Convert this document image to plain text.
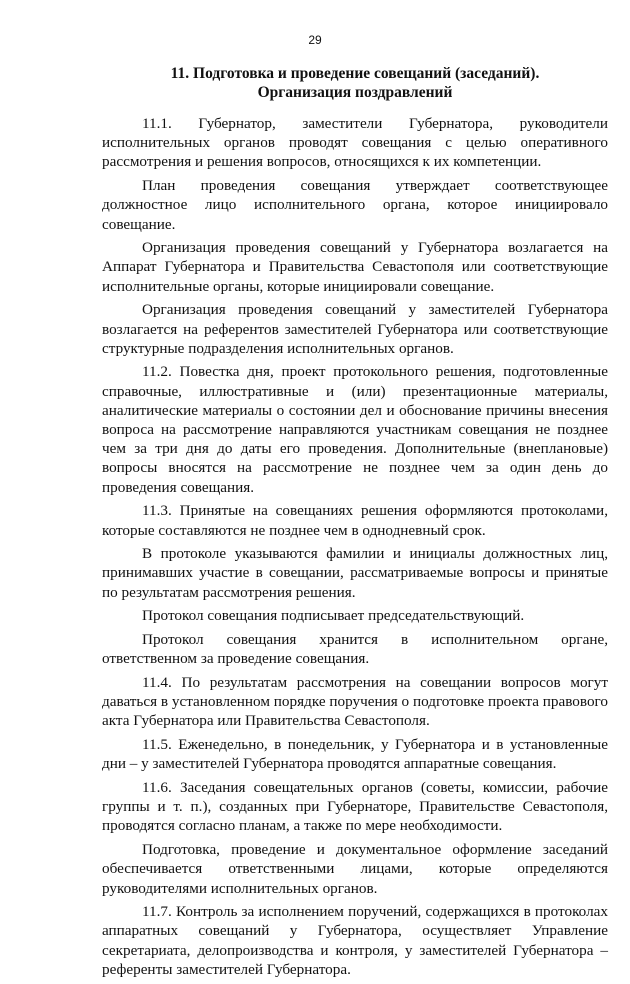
29
11. Подготовка и проведение совещаний (заседаний).
Организация поздравлений

11.1. Губернатор, заместители Губернатора, руководители исполнительных органов проводят совещания с целью оперативного рассмотрения и решения вопросов, относящихся к их компетенции.

План проведения совещания утверждает соответствующее должностное лицо исполнительного органа, которое инициировало совещание.

Организация проведения совещаний у Губернатора возлагается на Аппарат Губернатора и Правительства Севастополя или соответствующие исполнительные органы, которые инициировали совещание.

Организация проведения совещаний у заместителей Губернатора возлагается на референтов заместителей Губернатора или соответствующие структурные подразделения исполнительных органов.

11.2. Повестка дня, проект протокольного решения, подготовленные справочные, иллюстративные и (или) презентационные материалы, аналитические материалы о состоянии дел и обоснование причины внесения вопроса на рассмотрение направляются участникам совещания не позднее чем за три дня до даты его проведения. Дополнительные (внеплановые) вопросы вносятся на рассмотрение не позднее чем за один день до проведения совещания.

11.3. Принятые на совещаниях решения оформляются протоколами, которые составляются не позднее чем в однодневный срок.

В протоколе указываются фамилии и инициалы должностных лиц, принимавших участие в совещании, рассматриваемые вопросы и принятые по результатам рассмотрения решения.

Протокол совещания подписывает председательствующий.

Протокол совещания хранится в исполнительном органе, ответственном за проведение совещания.

11.4. По результатам рассмотрения на совещании вопросов могут даваться в установленном порядке поручения о подготовке проекта правового акта Губернатора или Правительства Севастополя.

11.5. Еженедельно, в понедельник, у Губернатора и в установленные дни – у заместителей Губернатора проводятся аппаратные совещания.

11.6. Заседания совещательных органов (советы, комиссии, рабочие группы и т. п.), созданных при Губернаторе, Правительстве Севастополя, проводятся согласно планам, а также по мере необходимости.

Подготовка, проведение и документальное оформление заседаний обеспечивается ответственными лицами, которые определяются руководителями исполнительных органов.

11.7. Контроль за исполнением поручений, содержащихся в протоколах аппаратных совещаний у Губернатора, осуществляет Управление секретариата, делопроизводства и контроля, у заместителей Губернатора – референты заместителей Губернатора.
